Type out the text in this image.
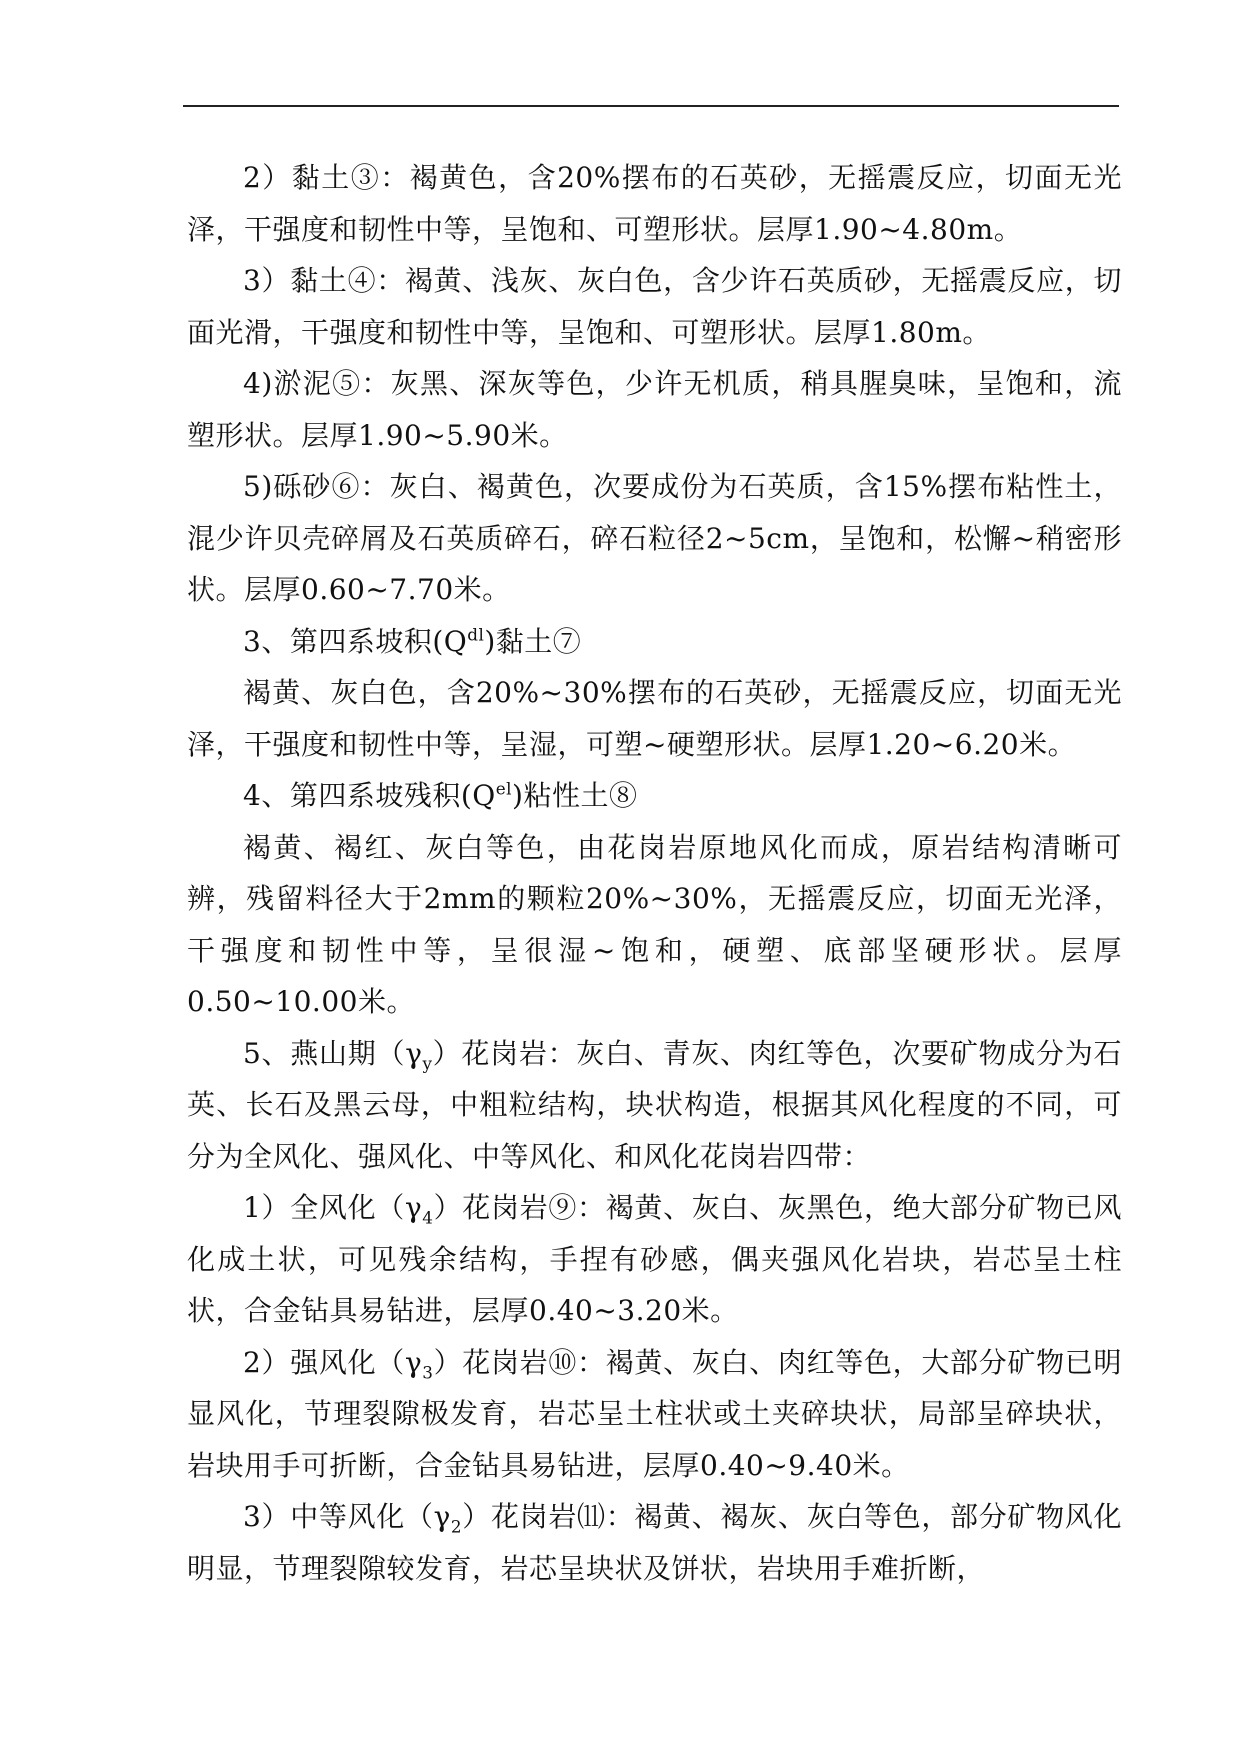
2）黏土③：褐黄色，含20%摆布的石英砂，无摇震反应，切面无光泽，干强度和韧性中等，呈饱和、可塑形状。层厚1.90~4.80m。

3）黏土④：褐黄、浅灰、灰白色，含少许石英质砂，无摇震反应，切面光滑，干强度和韧性中等，呈饱和、可塑形状。层厚1.80m。

4)淤泥⑤：灰黑、深灰等色，少许无机质，稍具腥臭味，呈饱和，流塑形状。层厚1.90~5.90米。

5)砾砂⑥：灰白、褐黄色，次要成份为石英质，含15%摆布粘性土，混少许贝壳碎屑及石英质碎石，碎石粒径2~5cm，呈饱和，松懈~稍密形状。层厚0.60~7.70米。

3、第四系坡积$(Q^{dl})$黏土⑦

褐黄、灰白色，含20%~30%摆布的石英砂，无摇震反应，切面无光泽，干强度和韧性中等，呈湿，可塑~硬塑形状。层厚1.20~6.20米。

4、第四系坡残积$(Q^{el})$粘性土⑧

褐黄、褐红、灰白等色，由花岗岩原地风化而成，原岩结构清晰可辨，残留料径大于2mm的颗粒20%~30%，无摇震反应，切面无光泽，干强度和韧性中等，呈很湿~饱和，硬塑、底部坚硬形状。层厚0.50~10.00米。

5、燕山期$(\gamma_y)$花岗岩：灰白、青灰、肉红等色，次要矿物成分为石英、长石及黑云母，中粗粒结构，块状构造，根据其风化程度的不同，可分为全风化、强风化、中等风化、和风化花岗岩四带：

1）全风化$(\gamma_4)$花岗岩⑨：褐黄、灰白、灰黑色，绝大部分矿物已风化成土状，可见残余结构，手捏有砂感，偶夹强风化岩块，岩芯呈土柱状，合金钻具易钻进，层厚0.40~3.20米。

2）强风化$(\gamma_3)$花岗岩⑩：褐黄、灰白、肉红等色，大部分矿物已明显风化，节理裂隙极发育，岩芯呈土柱状或土夹碎块状，局部呈碎块状，岩块用手可折断，合金钻具易钻进，层厚0.40~9.40米。

3）中等风化$(\gamma_2)$花岗岩⑾：褐黄、褐灰、灰白等色，部分矿物风化明显，节理裂隙较发育，岩芯呈块状及饼状，岩块用手难折断，
